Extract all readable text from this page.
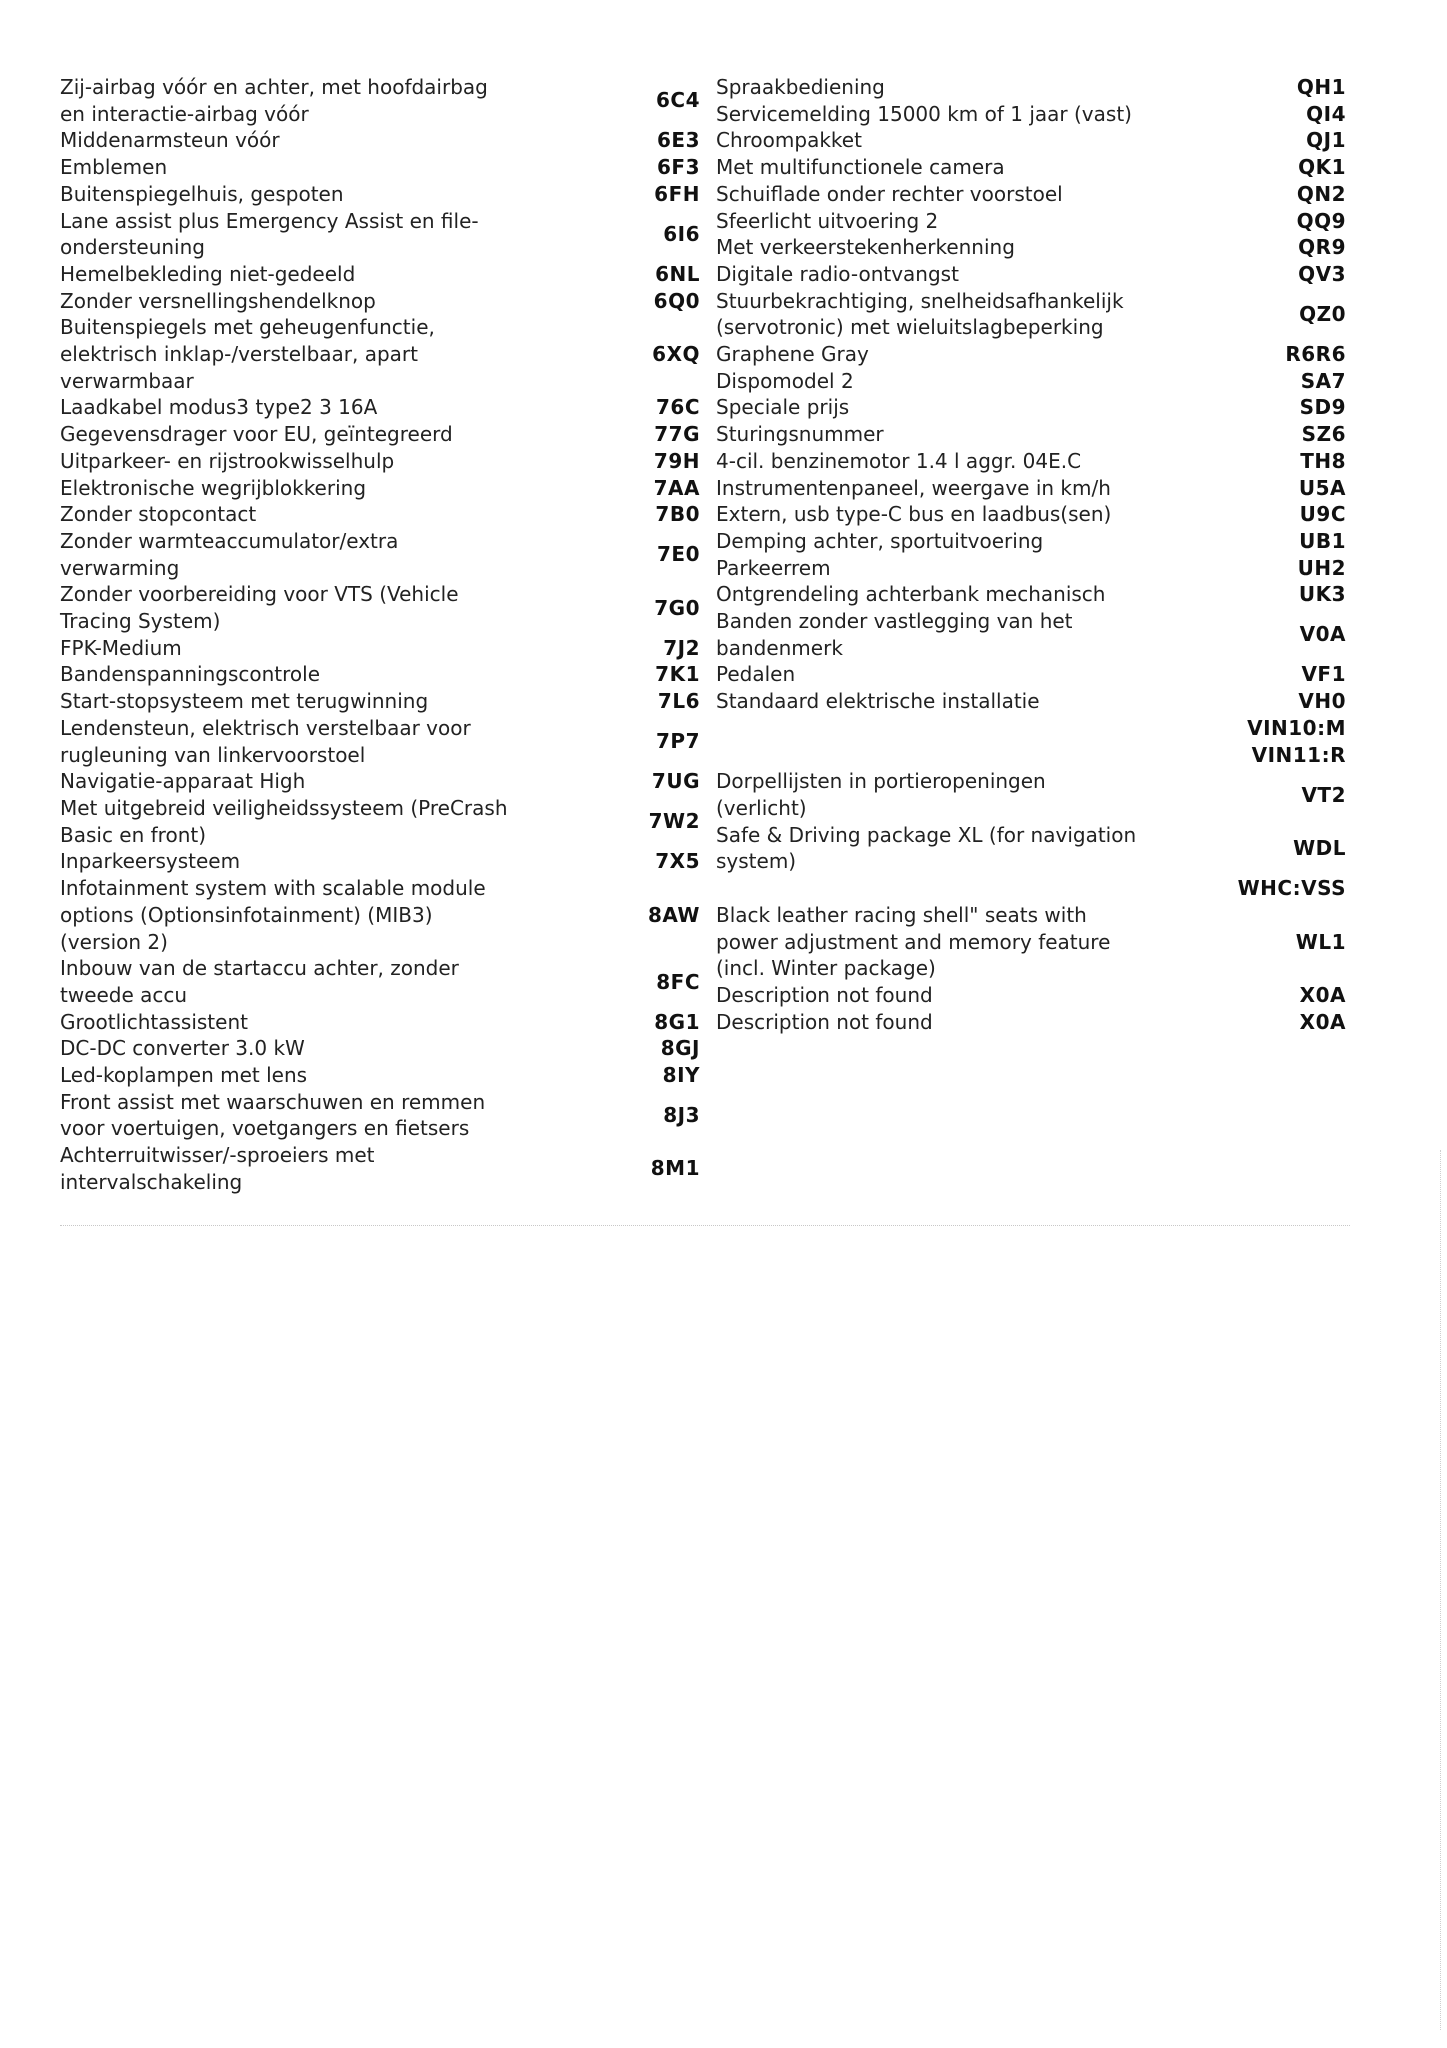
Zij-airbag vóór en achter, met hoofdairbag
en interactie-airbag vóór	6C4
Middenarmsteun vóór	6E3
Emblemen	6F3
Buitenspiegelhuis, gespoten	6FH
Lane assist plus Emergency Assist en file-
ondersteuning	6I6
Hemelbekleding niet-gedeeld	6NL
Zonder versnellingshendelknop	6Q0
Buitenspiegels met geheugenfunctie,
elektrisch inklap-/verstelbaar, apart
verwarmbaar	6XQ
Laadkabel modus3 type2 3 16A	76C
Gegevensdrager voor EU, geïntegreerd	77G
Uitparkeer- en rijstrookwisselhulp	79H
Elektronische wegrijblokkering	7AA
Zonder stopcontact	7B0
Zonder warmteaccumulator/extra
verwarming	7E0
Zonder voorbereiding voor VTS (Vehicle
Tracing System)	7G0
FPK-Medium	7J2
Bandenspanningscontrole	7K1
Start-stopsysteem met terugwinning	7L6
Lendensteun, elektrisch verstelbaar voor
rugleuning van linkervoorstoel	7P7
Navigatie-apparaat High	7UG
Met uitgebreid veiligheidssysteem (PreCrash
Basic en front)	7W2
Inparkeersysteem	7X5
Infotainment system with scalable module
options (Optionsinfotainment) (MIB3)
(version 2)	8AW
Inbouw van de startaccu achter, zonder
tweede accu	8FC
Grootlichtassistent	8G1
DC-DC converter 3.0 kW	8GJ
Led-koplampen met lens	8IY
Front assist met waarschuwen en remmen
voor voertuigen, voetgangers en fietsers	8J3
Achterruitwisser/-sproeiers met
intervalschakeling	8M1
Spraakbediening	QH1
Servicemelding 15000 km of 1 jaar (vast)	QI4
Chroompakket	QJ1
Met multifunctionele camera	QK1
Schuiflade onder rechter voorstoel	QN2
Sfeerlicht uitvoering 2	QQ9
Met verkeerstekenherkenning	QR9
Digitale radio-ontvangst	QV3
Stuurbekrachtiging, snelheidsafhankelijk
(servotronic) met wieluitslagbeperking	QZ0
Graphene Gray	R6R6
Dispomodel 2	SA7
Speciale prijs	SD9
Sturingsnummer	SZ6
4-cil. benzinemotor 1.4 l aggr. 04E.C	TH8
Instrumentenpaneel, weergave in km/h	U5A
Extern, usb type-C bus en laadbus(sen)	U9C
Demping achter, sportuitvoering	UB1
Parkeerrem	UH2
Ontgrendeling achterbank mechanisch	UK3
Banden zonder vastlegging van het
bandenmerk	V0A
Pedalen	VF1
Standaard elektrische installatie	VH0
	VIN10:M
	VIN11:R
Dorpellijsten in portieropeningen
(verlicht)	VT2
Safe & Driving package XL (for navigation
system)	WDL
	WHC:VSS
Black leather racing shell" seats with
power adjustment and memory feature
(incl. Winter package)	WL1
Description not found	X0A
Description not found	X0A
